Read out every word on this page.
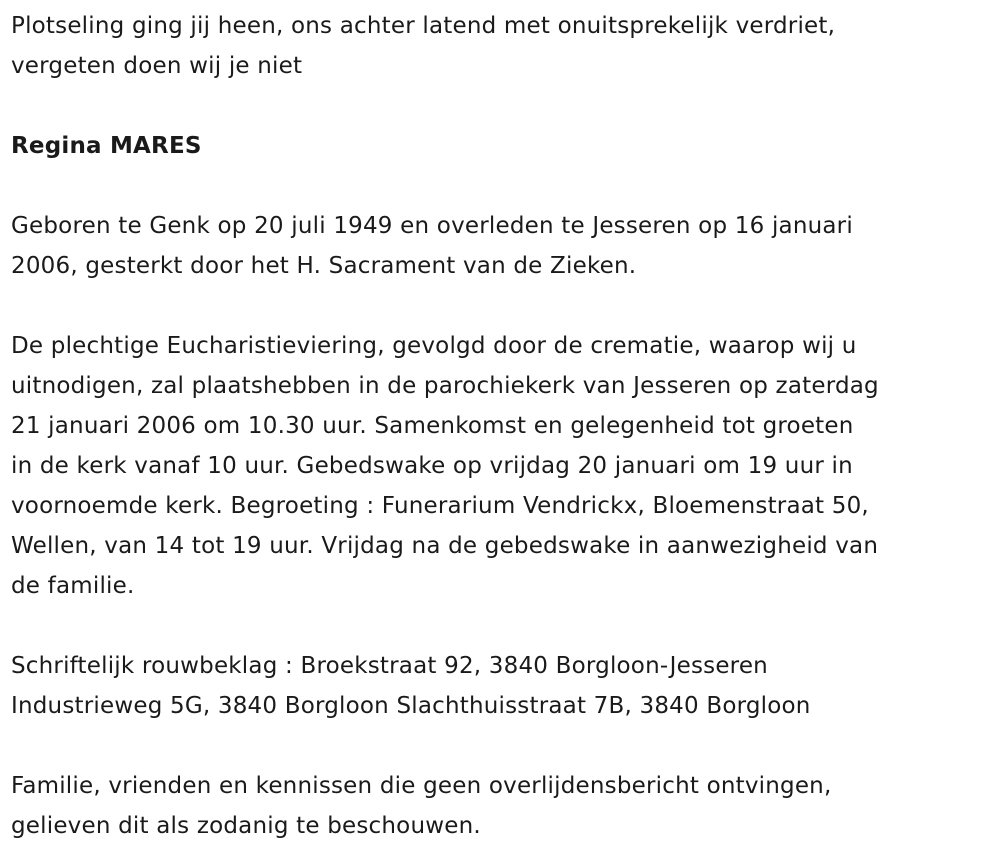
Plotseling ging jij heen, ons achter latend met onuitsprekelijk verdriet,
vergeten doen wij je niet

Regina MARES

Geboren te Genk op 20 juli 1949 en overleden te Jesseren op 16 januari
2006, gesterkt door het H. Sacrament van de Zieken.

De plechtige Eucharistieviering, gevolgd door de crematie, waarop wij u
uitnodigen, zal plaatshebben in de parochiekerk van Jesseren op zaterdag
21 januari 2006 om 10.30 uur. Samenkomst en gelegenheid tot groeten
in de kerk vanaf 10 uur. Gebedswake op vrijdag 20 januari om 19 uur in
voornoemde kerk. Begroeting : Funerarium Vendrickx, Bloemenstraat 50,
Wellen, van 14 tot 19 uur. Vrijdag na de gebedswake in aanwezigheid van
de familie.

Schriftelijk rouwbeklag : Broekstraat 92, 3840 Borgloon-Jesseren
Industrieweg 5G, 3840 Borgloon Slachthuisstraat 7B, 3840 Borgloon

Familie, vrienden en kennissen die geen overlijdensbericht ontvingen,
gelieven dit als zodanig te beschouwen.
